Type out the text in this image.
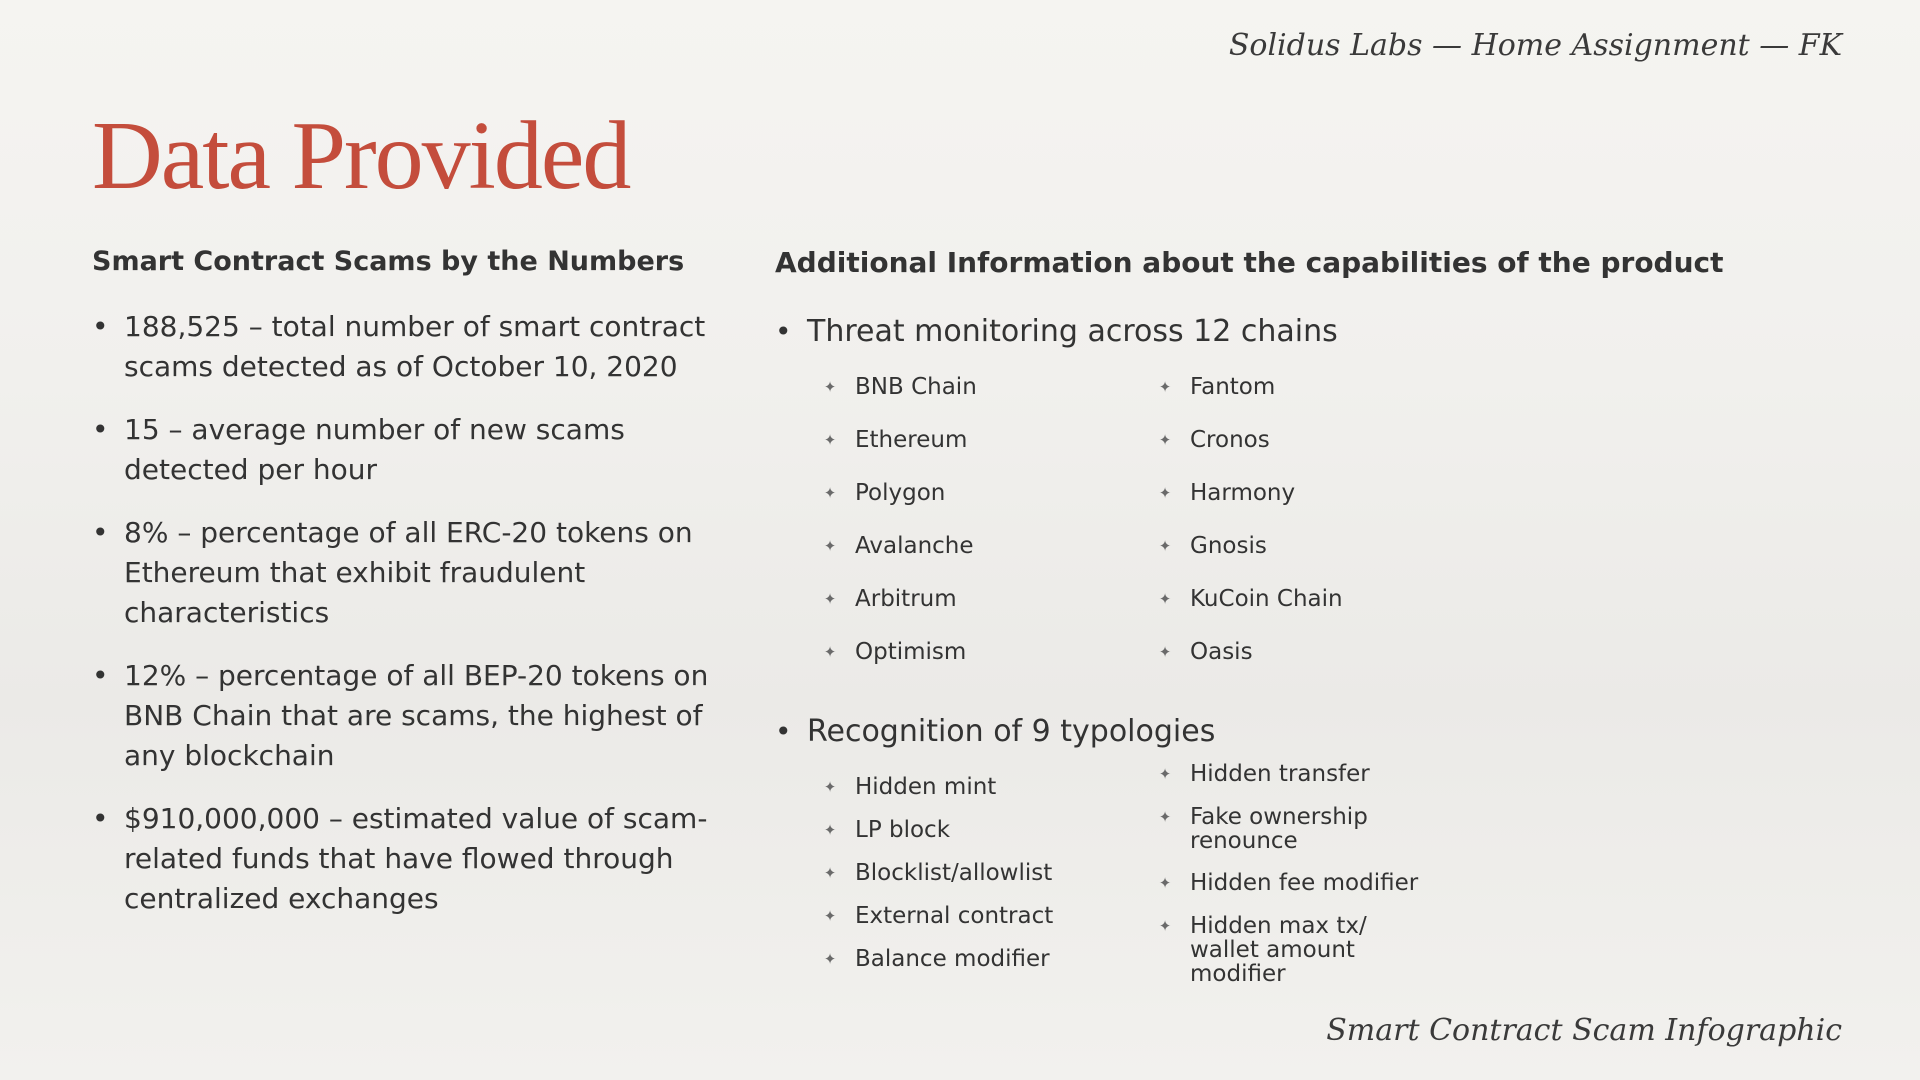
Solidus Labs — Home Assignment — FK
Data Provided
Smart Contract Scams by the Numbers
• 188,525 – total number of smart contract scams detected as of October 10, 2020
• 15 – average number of new scams detected per hour
• 8% – percentage of all ERC-20 tokens on Ethereum that exhibit fraudulent characteristics
• 12% – percentage of all BEP-20 tokens on BNB Chain that are scams, the highest of any blockchain
• $910,000,000 – estimated value of scam-related funds that have flowed through centralized exchanges
Additional Information about the capabilities of the product
• Threat monitoring across 12 chains
✦ BNB Chain
✦ Ethereum
✦ Polygon
✦ Avalanche
✦ Arbitrum
✦ Optimism
✦ Fantom
✦ Cronos
✦ Harmony
✦ Gnosis
✦ KuCoin Chain
✦ Oasis
• Recognition of 9 typologies
✦ Hidden mint
✦ LP block
✦ Blocklist/allowlist
✦ External contract
✦ Balance modifier
✦ Hidden transfer
✦ Fake ownership renounce
✦ Hidden fee modifier
✦ Hidden max tx/ wallet amount modifier
Smart Contract Scam Infographic
